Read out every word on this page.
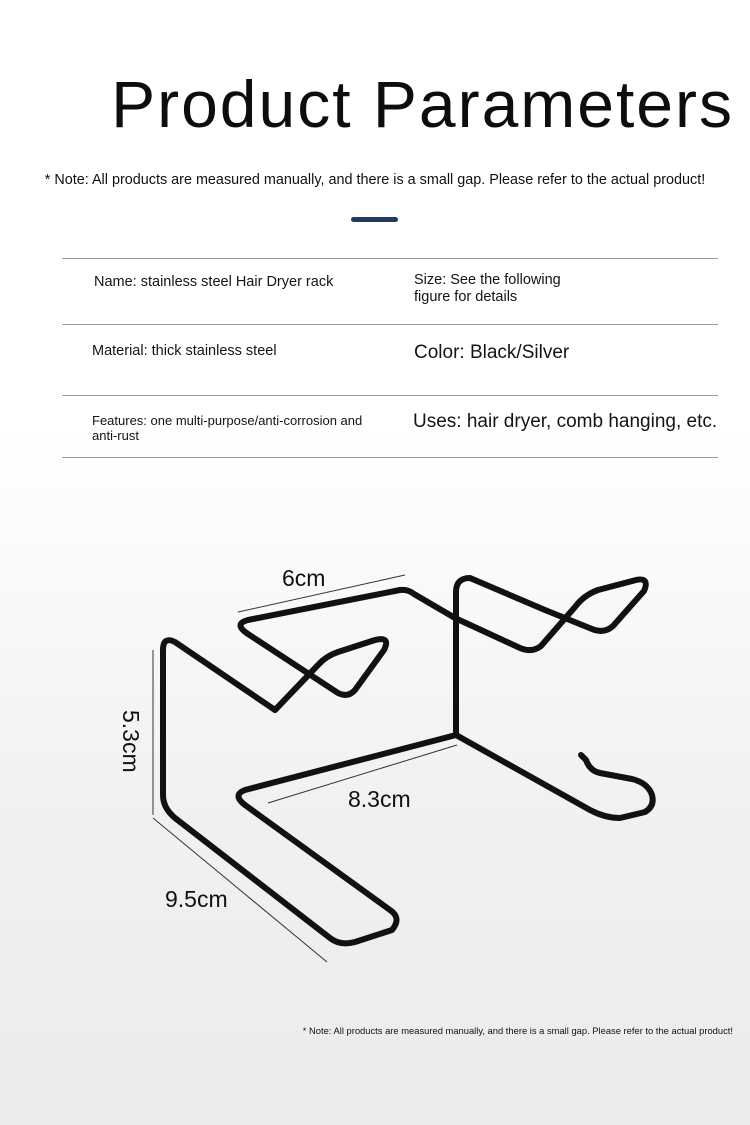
Product Parameters
* Note: All products are measured manually, and there is a small gap. Please refer to the actual product!
Name: stainless steel Hair Dryer rack	Size: See the following
figure for details
Material: thick stainless steel	Color: Black/Silver
Features: one multi-purpose/anti-corrosion and
anti-rust
Uses: hair dryer, comb hanging, etc.
6cm
5.3cm
8.3cm
9.5cm
* Note: All products are measured manually, and there is a small gap. Please refer to the actual product!
